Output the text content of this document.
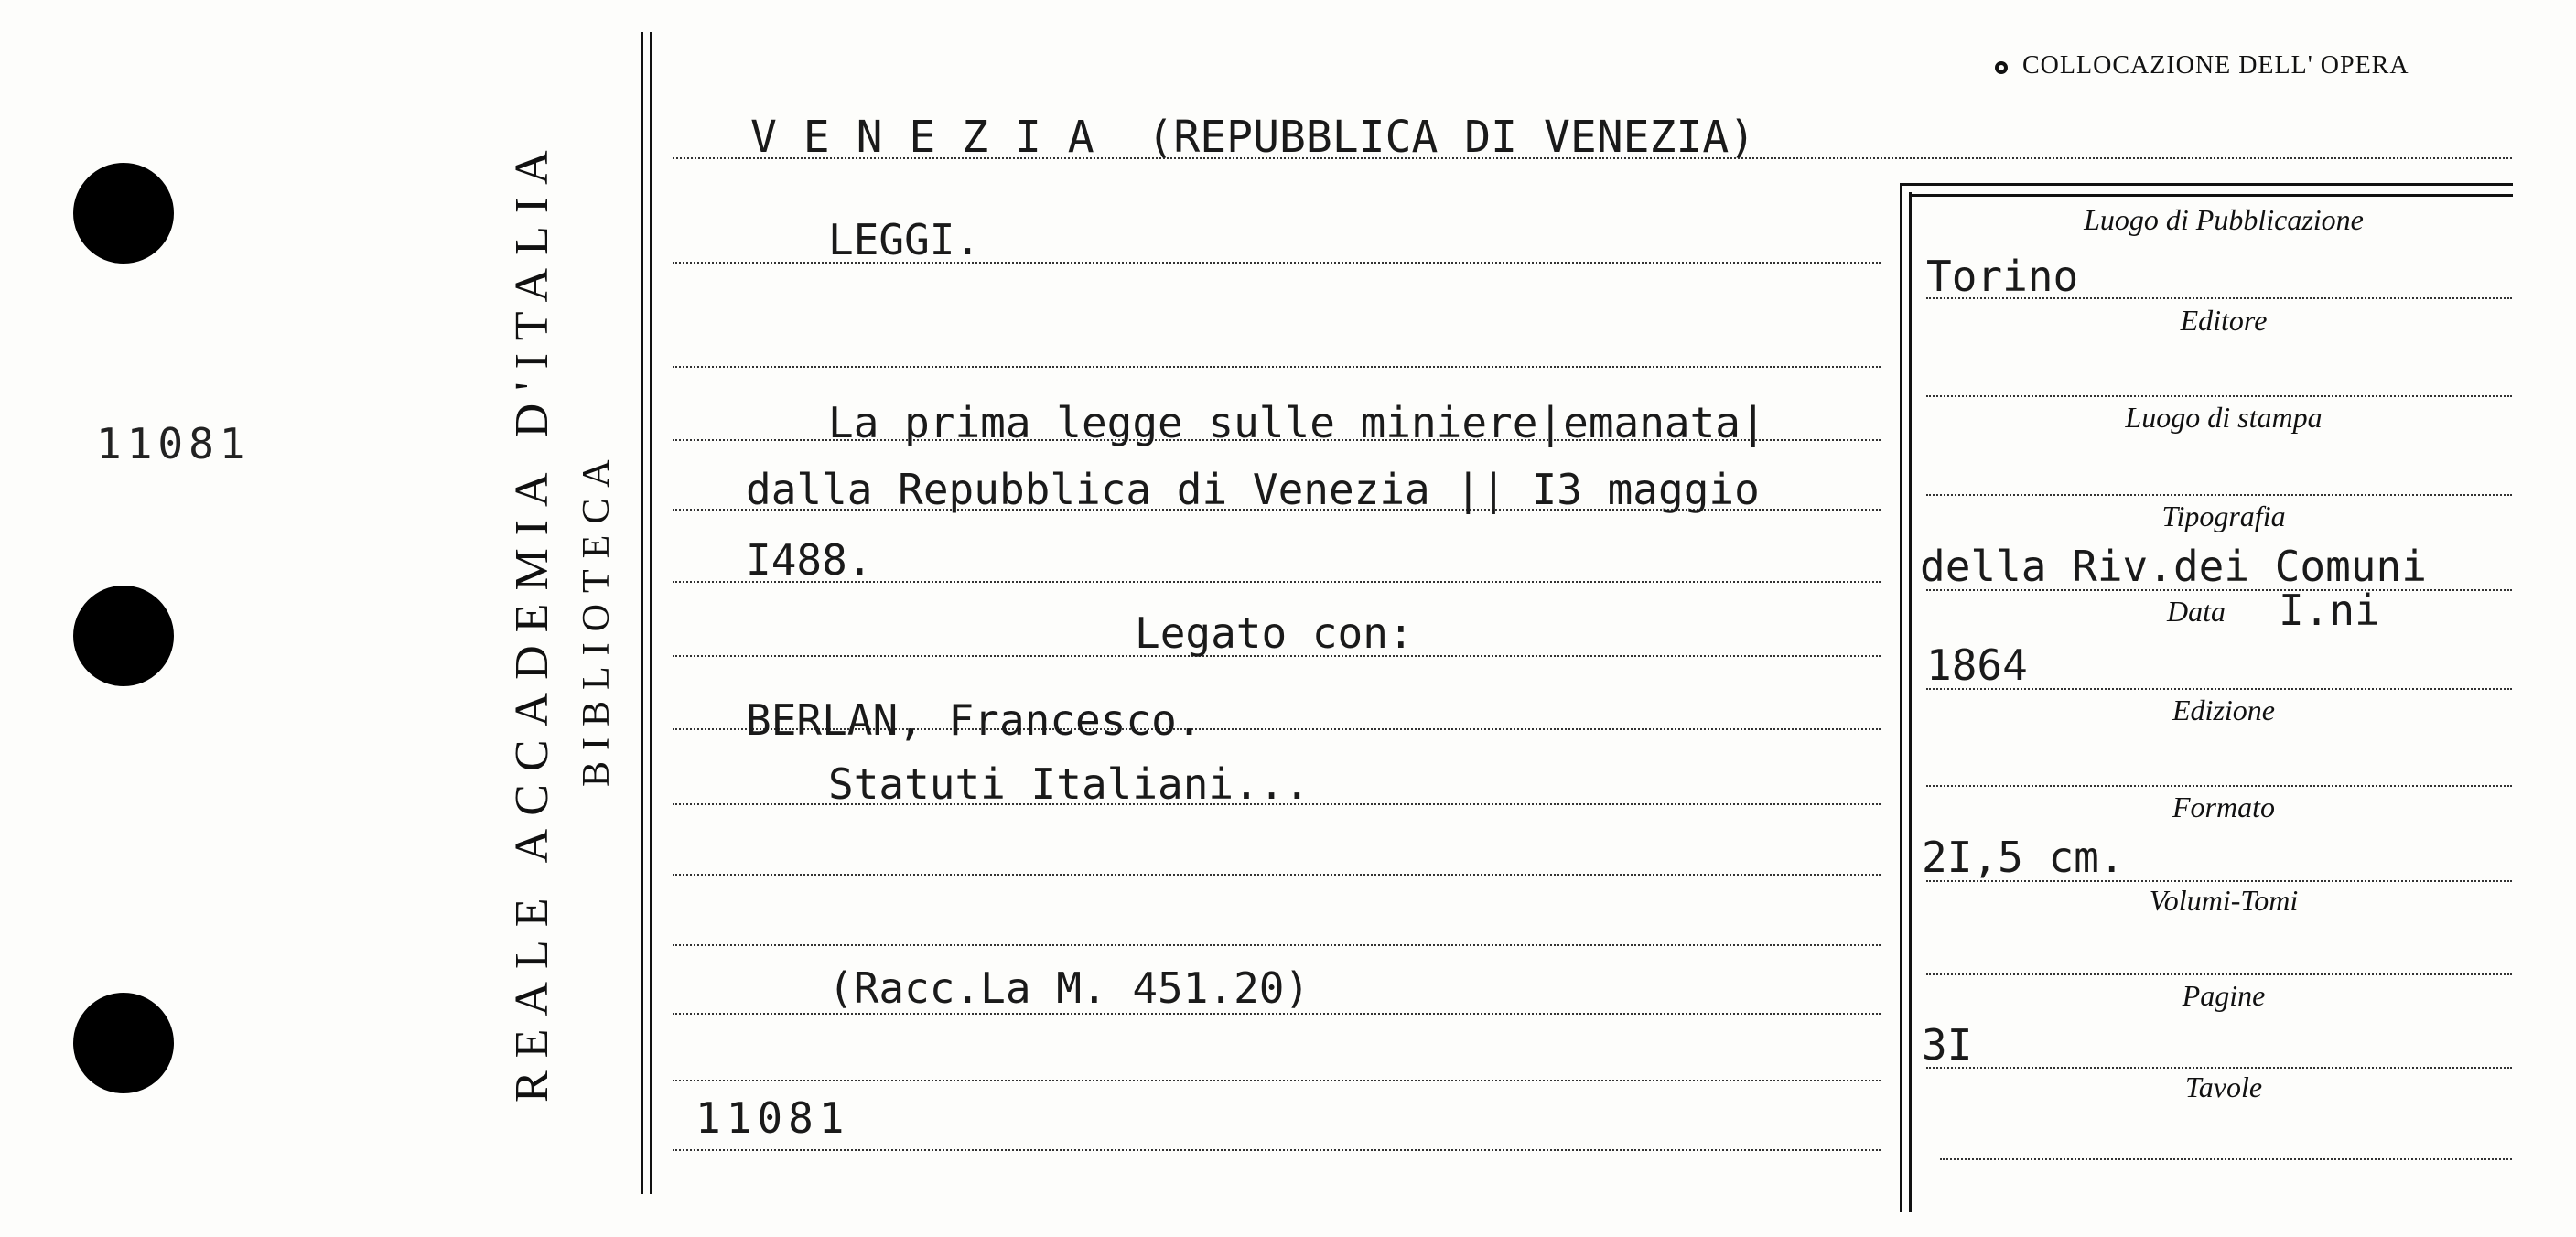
11081	REALE ACCADEMIA D'ITALIA BIBLIOTECA
COLLOCAZIONE DELL' OPERA
V E N E Z I A  (REPUBBLICA DI VENEZIA)
LEGGI.
La prima legge sulle miniere|emanata|
dalla Repubblica di Venezia || I3 maggio
I488.
Legato con:
BERLAN, Francesco.
Statuti Italiani...
(Racc.La M. 451.20)
11081
Luogo di Pubblicazione
Torino
Editore
Luogo di stampa
Tipografia
della Riv.dei Comuni
Data	I.ni
1864
Edizione
Formato
2I,5 cm.
Volumi-Tomi
Pagine
3I
Tavole
